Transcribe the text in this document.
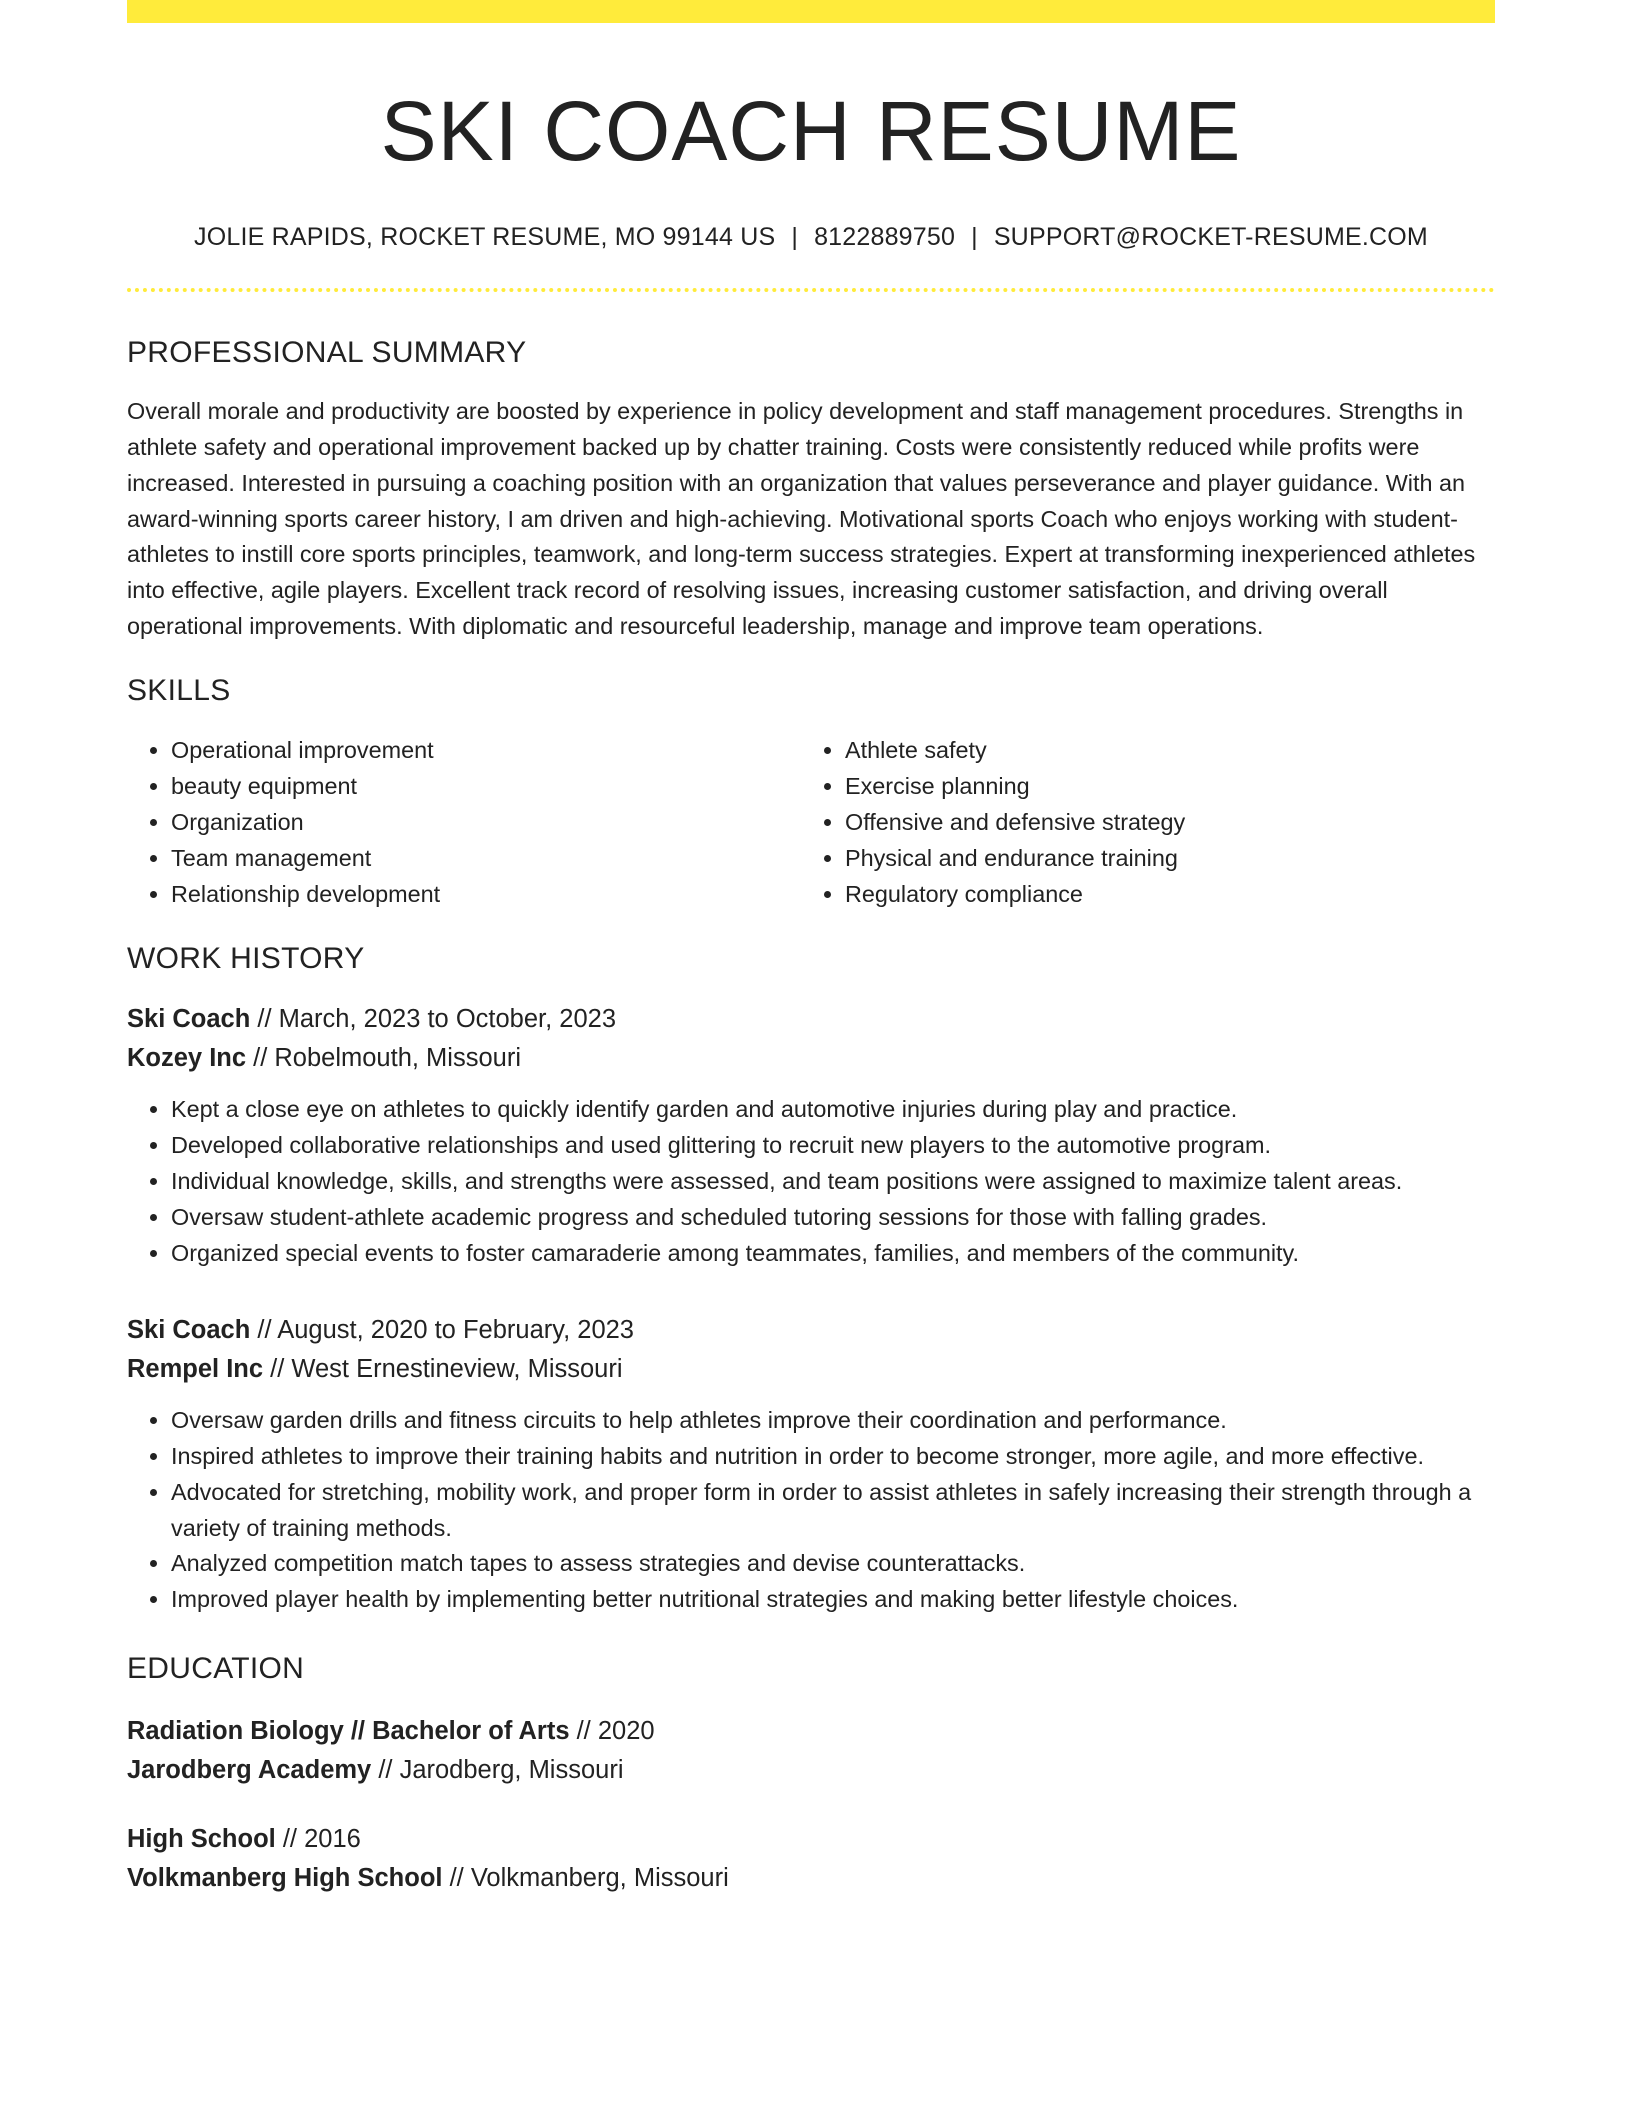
SKI COACH RESUME
JOLIE RAPIDS, ROCKET RESUME, MO 99144 US | 8122889750 | SUPPORT@ROCKET-RESUME.COM
PROFESSIONAL SUMMARY
Overall morale and productivity are boosted by experience in policy development and staff management procedures. Strengths in athlete safety and operational improvement backed up by chatter training. Costs were consistently reduced while profits were increased. Interested in pursuing a coaching position with an organization that values perseverance and player guidance. With an award-winning sports career history, I am driven and high-achieving. Motivational sports Coach who enjoys working with student-athletes to instill core sports principles, teamwork, and long-term success strategies. Expert at transforming inexperienced athletes into effective, agile players. Excellent track record of resolving issues, increasing customer satisfaction, and driving overall operational improvements. With diplomatic and resourceful leadership, manage and improve team operations.
SKILLS
• Operational improvement
• beauty equipment
• Organization
• Team management
• Relationship development
• Athlete safety
• Exercise planning
• Offensive and defensive strategy
• Physical and endurance training
• Regulatory compliance
WORK HISTORY
Ski Coach // March, 2023 to October, 2023
Kozey Inc // Robelmouth, Missouri
• Kept a close eye on athletes to quickly identify garden and automotive injuries during play and practice.
• Developed collaborative relationships and used glittering to recruit new players to the automotive program.
• Individual knowledge, skills, and strengths were assessed, and team positions were assigned to maximize talent areas.
• Oversaw student-athlete academic progress and scheduled tutoring sessions for those with falling grades.
• Organized special events to foster camaraderie among teammates, families, and members of the community.
Ski Coach // August, 2020 to February, 2023
Rempel Inc // West Ernestineview, Missouri
• Oversaw garden drills and fitness circuits to help athletes improve their coordination and performance.
• Inspired athletes to improve their training habits and nutrition in order to become stronger, more agile, and more effective.
• Advocated for stretching, mobility work, and proper form in order to assist athletes in safely increasing their strength through a variety of training methods.
• Analyzed competition match tapes to assess strategies and devise counterattacks.
• Improved player health by implementing better nutritional strategies and making better lifestyle choices.
EDUCATION
Radiation Biology // Bachelor of Arts // 2020
Jarodberg Academy // Jarodberg, Missouri
High School // 2016
Volkmanberg High School // Volkmanberg, Missouri
